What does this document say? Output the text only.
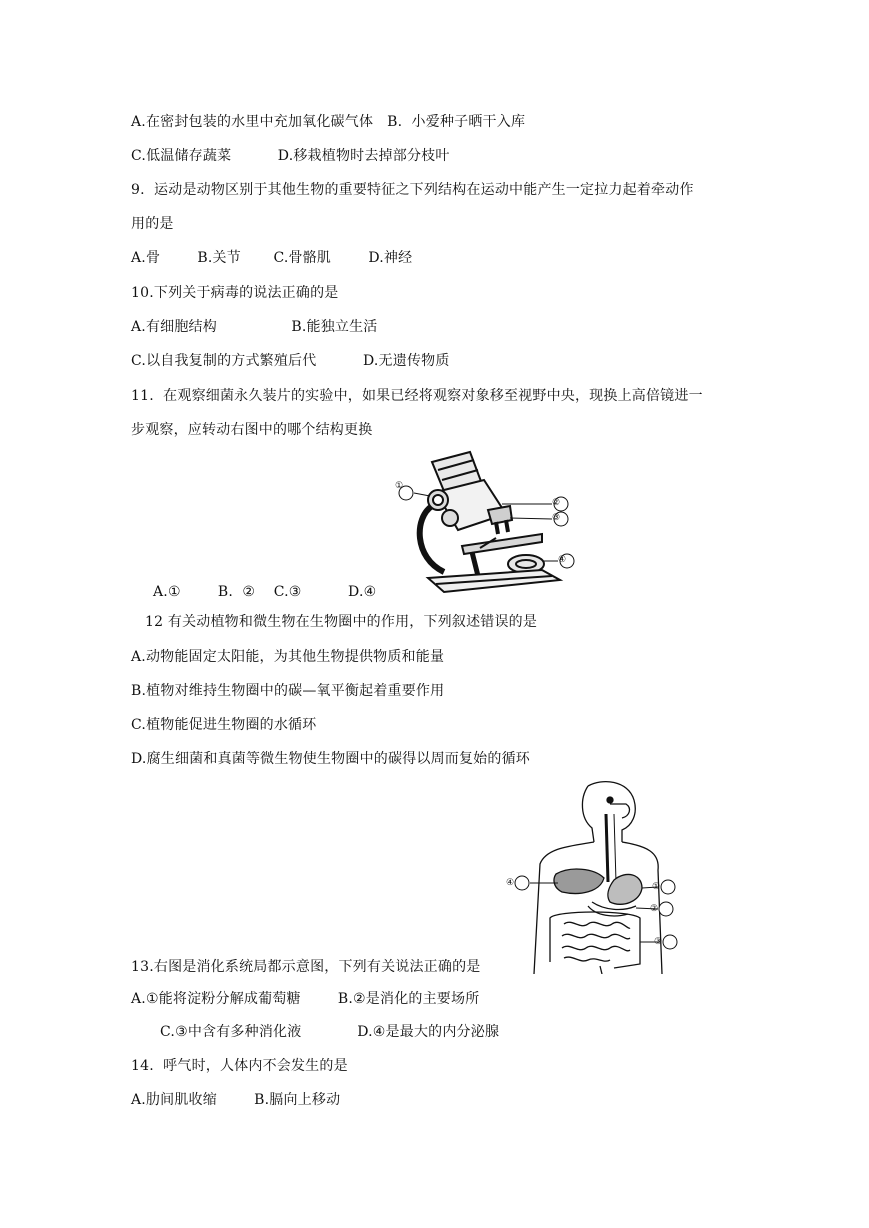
A.在密封包装的水里中充加氧化碳气体   B.  小爱种子晒干入库
C.低温储存蔬菜          D.移栽植物时去掉部分枝叶
9.  运动是动物区别于其他生物的重要特征之下列结构在运动中能产生一定拉力起着牵动作
用的是
A.骨        B.关节       C.骨骼肌        D.神经
10.下列关于病毒的说法正确的是
A.有细胞结构                B.能独立生活
C.以自我复制的方式繁殖后代          D.无遗传物质
11.  在观察细菌永久装片的实验中，如果已经将观察对象移至视野中央，现换上高倍镜进一
步观察，应转动右图中的哪个结构更换
①
②
③
④
A.①        B.  ②    C.③          D.④
12 有关动植物和微生物在生物圈中的作用，下列叙述错误的是
A.动物能固定太阳能，为其他生物提供物质和能量
B.植物对维持生物圈中的碳—氧平衡起着重要作用
C.植物能促进生物圈的水循环
D.腐生细菌和真菌等微生物使生物圈中的碳得以周而复始的循环
①
②
③
④
13.右图是消化系统局都示意图，下列有关说法正确的是
A.①能将淀粉分解成葡萄糖        B.②是消化的主要场所
C.③中含有多种消化液            D.④是最大的内分泌腺
14.  呼气时，人体内不会发生的是
A.肋间肌收缩        B.膈向上移动
